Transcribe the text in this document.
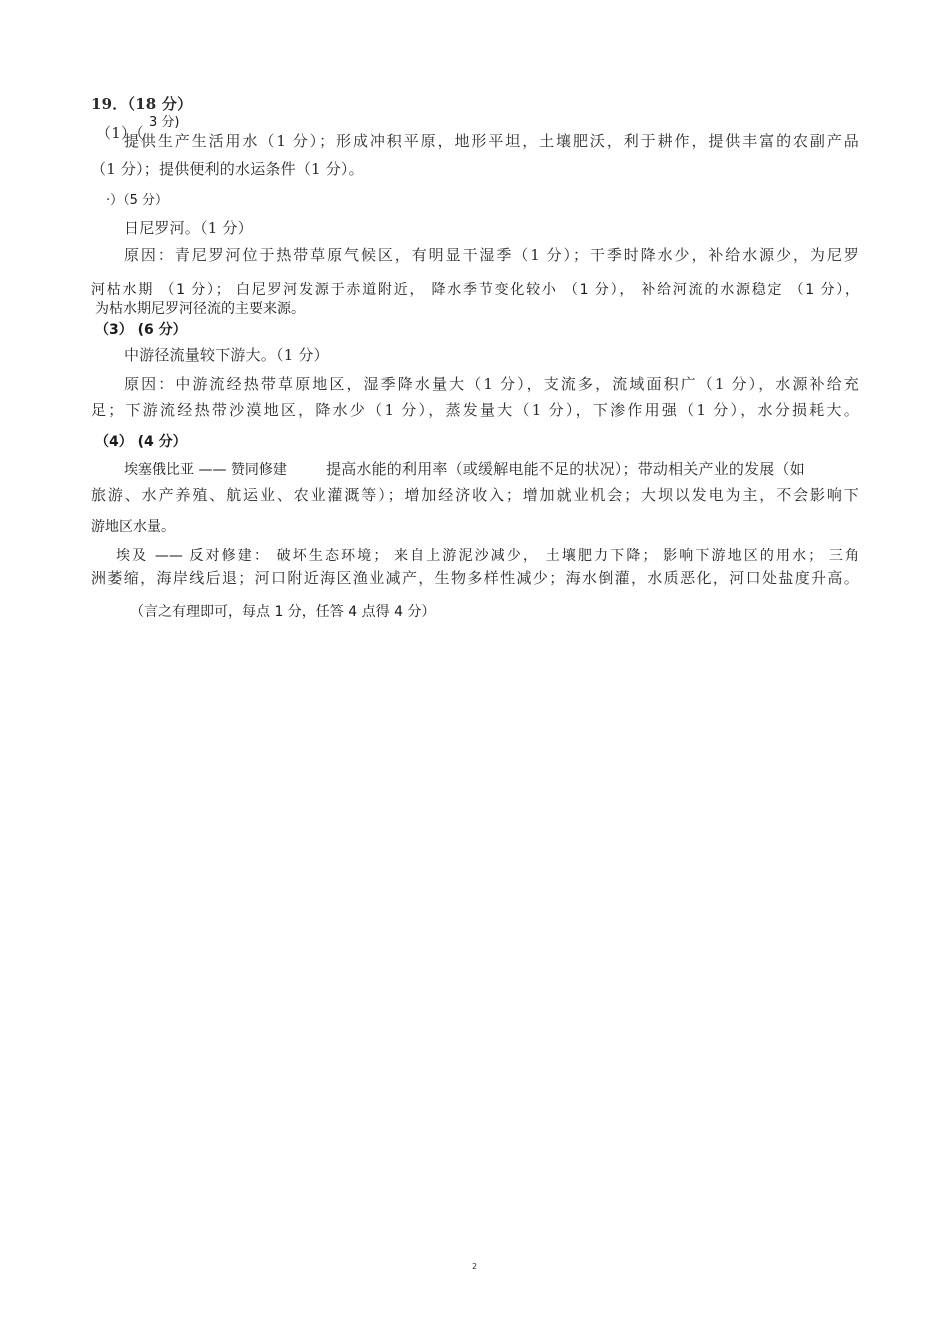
19．（18 分）
3 分)
（1）（
提供生产生活用水（1 分）；形成冲积平原，地形平坦，土壤肥沃，利于耕作，提供丰富的农副产品
（1 分）；提供便利的水运条件（1 分）。
·）（5 分）
日尼罗河。（1 分）
原因：青尼罗河位于热带草原气候区，有明显干湿季（1 分）；干季时降水少，补给水源少，为尼罗
河枯水期 （1 分）； 白尼罗河发源于赤道附近， 降水季节变化较小 （1 分）， 补给河流的水源稳定 （1 分），
为枯水期尼罗河径流的主要来源。
（3） (6 分）
中游径流量较下游大。（1 分）
原因：中游流经热带草原地区，湿季降水量大（1 分），支流多，流域面积广（1 分），水源补给充
足；下游流经热带沙漠地区，降水少（1 分），蒸发量大（1 分），下渗作用强（1 分），水分损耗大。
（4） (4 分）
埃塞俄比亚 —— 赞同修建	提高水能的利用率（或缓解电能不足的状况）；带动相关产业的发展（如
旅游、水产养殖、航运业、农业灌溉等）；增加经济收入；增加就业机会；大坝以发电为主，不会影响下
游地区水量。
埃及 —— 反对修建： 破坏生态环境； 来自上游泥沙减少， 土壤肥力下降； 影响下游地区的用水； 三角
洲萎缩，海岸线后退；河口附近海区渔业减产，生物多样性减少；海水倒灌，水质恶化，河口处盐度升高。
（言之有理即可，每点 1 分，任答 4 点得 4 分）
2
